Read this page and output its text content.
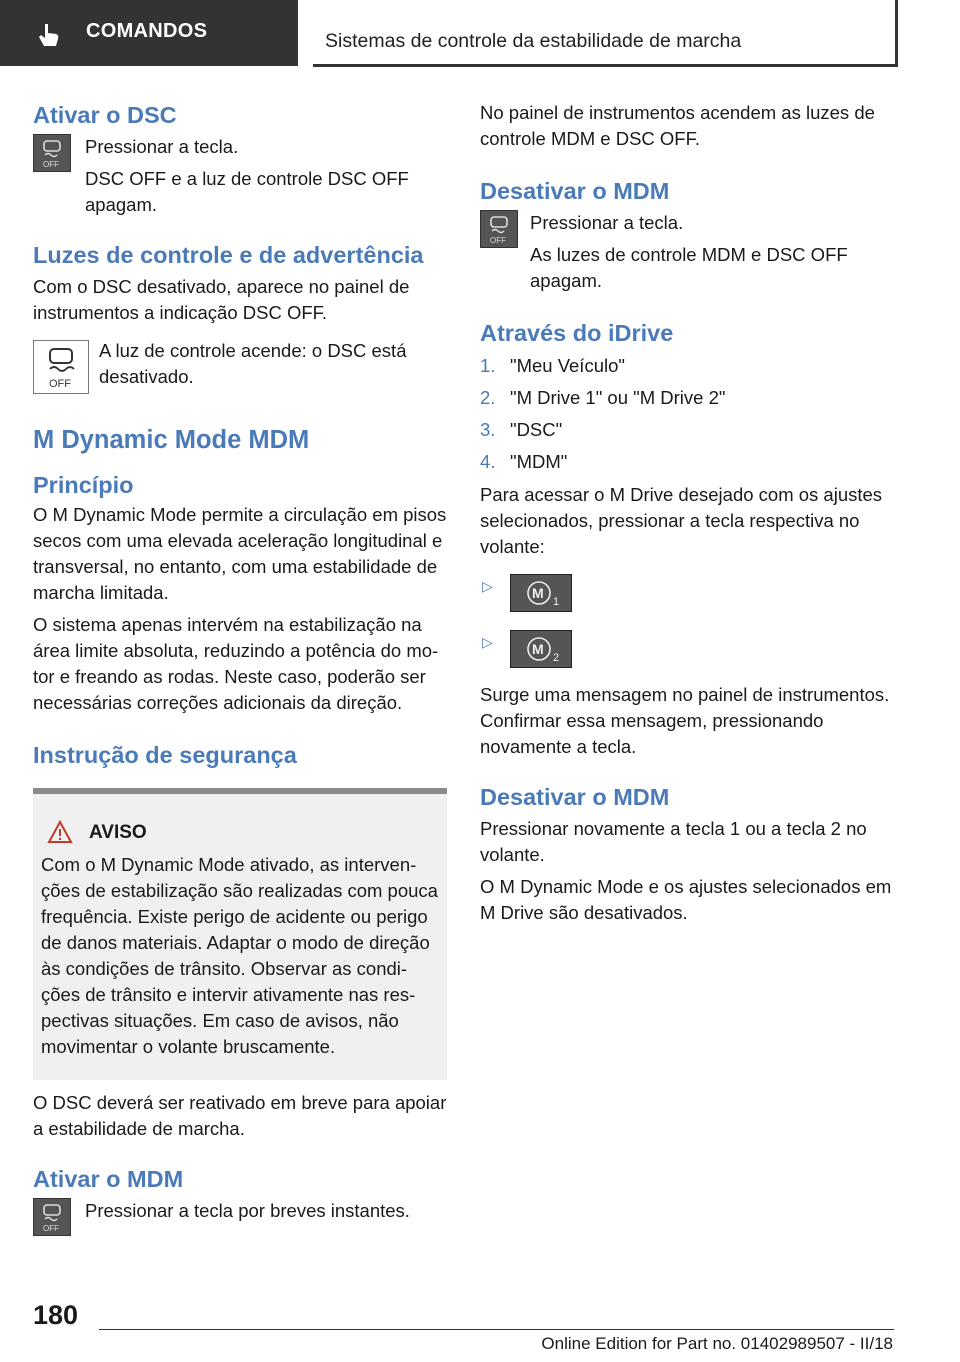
COMANDOS	Sistemas de controle da estabilidade de marcha
Ativar o DSC
OFF

Pressionar a tecla.

DSC OFF e a luz de controle DSC OFF apagam.

Luzes de controle e de advertência

Com o DSC desativado, aparece no painel de instrumentos a indicação DSC OFF.

OFF

A luz de controle acende: o DSC está desativado.

M Dynamic Mode MDM
Princípio

O M Dynamic Mode permite a circulação em pisos secos com uma elevada aceleração longitudinal e transversal, no entanto, com uma estabilidade de marcha limitada.

O sistema apenas intervém na estabilização na área limite absoluta, reduzindo a potência do motor e freando as rodas. Neste caso, poderão ser necessárias correções adicionais da direção.

Instrução de segurança
AVISO

Com o M Dynamic Mode ativado, as intervenções de estabilização são realizadas com pouca frequência. Existe perigo de acidente ou perigo de danos materiais. Adaptar o modo de direção às condições de trânsito. Observar as condições de trânsito e intervir ativamente nas respectivas situações. Em caso de avisos, não movimentar o volante bruscamente.

O DSC deverá ser reativado em breve para apoiar a estabilidade de marcha.

Ativar o MDM
OFF

Pressionar a tecla por breves instantes.

No painel de instrumentos acendem as luzes de controle MDM e DSC OFF.

Desativar o MDM
OFF

Pressionar a tecla.

As luzes de controle MDM e DSC OFF apagam.

Através do iDrive
1. "Meu Veículo"
2. "M Drive 1" ou "M Drive 2"
3. "DSC"
4. "MDM"

Para acessar o M Drive desejado com os ajustes selecionados, pressionar a tecla respectiva no volante:

▷	M
1
▷	M
2

Surge uma mensagem no painel de instrumentos. Confirmar essa mensagem, pressionando novamente a tecla.

Desativar o MDM

Pressionar novamente a tecla 1 ou a tecla 2 no volante.

O M Dynamic Mode e os ajustes selecionados em M Drive são desativados.

180
Online Edition for Part no. 01402989507 - II/18
